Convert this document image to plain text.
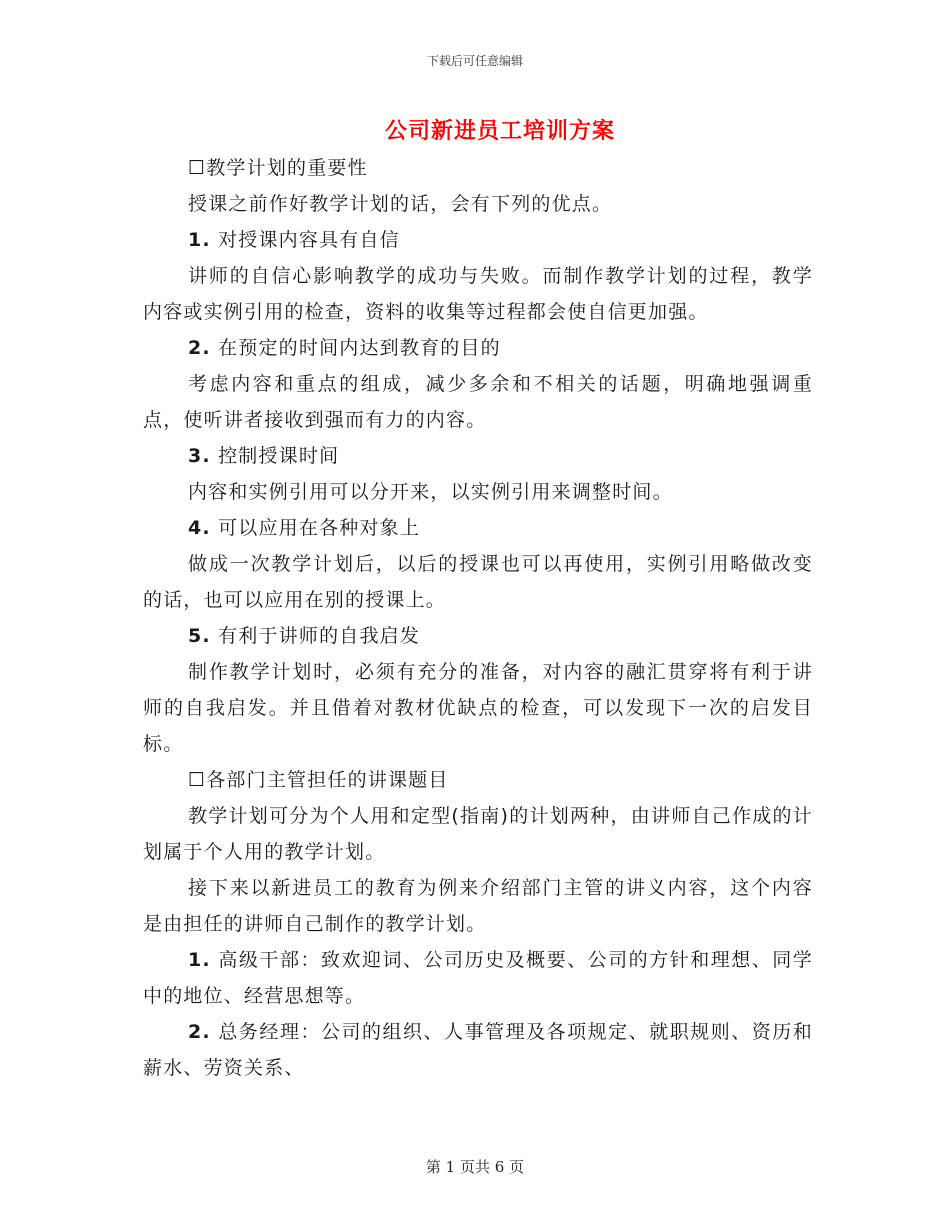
下载后可任意编辑
公司新进员工培训方案

☐教学计划的重要性

授课之前作好教学计划的话，会有下列的优点。

1. 对授课内容具有自信

讲师的自信心影响教学的成功与失败。而制作教学计划的过程，教学内容或实例引用的检查，资料的收集等过程都会使自信更加强。

2. 在预定的时间内达到教育的目的

考虑内容和重点的组成，减少多余和不相关的话题，明确地强调重点，使听讲者接收到强而有力的内容。

3. 控制授课时间

内容和实例引用可以分开来，以实例引用来调整时间。

4. 可以应用在各种对象上

做成一次教学计划后，以后的授课也可以再使用，实例引用略做改变的话，也可以应用在别的授课上。

5. 有利于讲师的自我启发

制作教学计划时，必须有充分的准备，对内容的融汇贯穿将有利于讲师的自我启发。并且借着对教材优缺点的检查，可以发现下一次的启发目标。

☐各部门主管担任的讲课题目

教学计划可分为个人用和定型(指南)的计划两种，由讲师自己作成的计划属于个人用的教学计划。

接下来以新进员工的教育为例来介绍部门主管的讲义内容，这个内容是由担任的讲师自己制作的教学计划。

1. 高级干部：致欢迎词、公司历史及概要、公司的方针和理想、同学中的地位、经营思想等。

2. 总务经理：公司的组织、人事管理及各项规定、就职规则、资历和薪水、劳资关系、

第 1 页共 6 页
